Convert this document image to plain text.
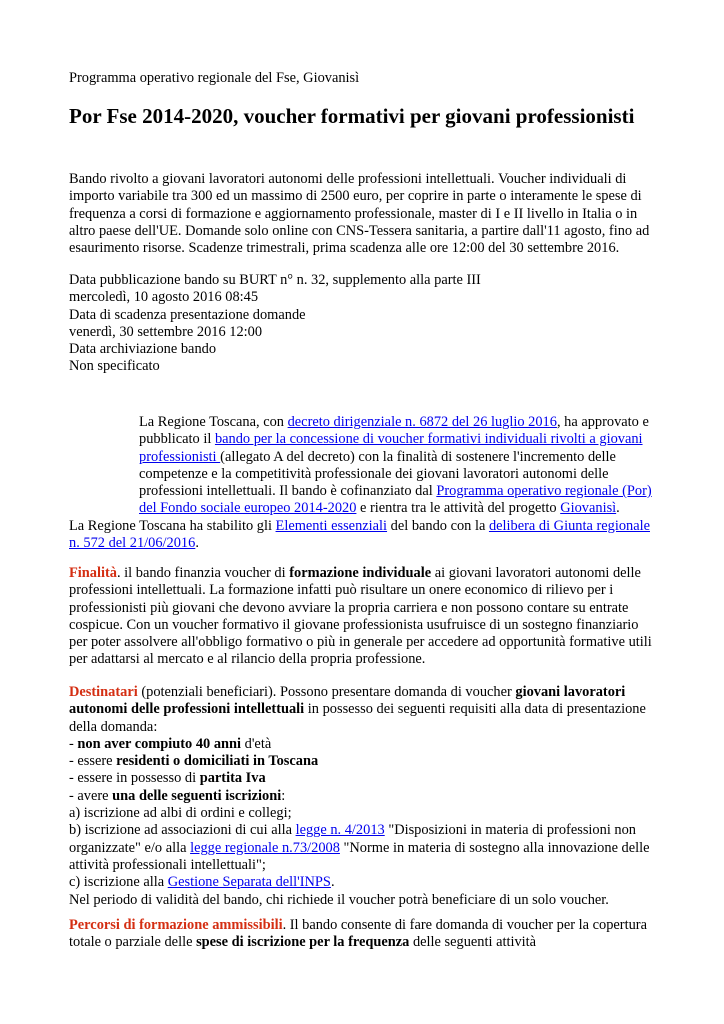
Programma operativo regionale del Fse, Giovanisì

Por Fse 2014-2020, voucher formativi per giovani professionisti

Bando rivolto a giovani lavoratori autonomi delle professioni intellettuali. Voucher individuali di importo variabile tra 300 ed un massimo di 2500 euro, per coprire in parte o interamente le spese di frequenza a corsi di formazione e aggiornamento professionale, master di I e II livello in Italia o in altro paese dell'UE. Domande solo online con CNS-Tessera sanitaria, a partire dall'11 agosto, fino ad esaurimento risorse. Scadenze trimestrali, prima scadenza alle ore 12:00 del 30 settembre 2016.

Data pubblicazione bando su BURT n° n. 32, supplemento alla parte III

mercoledì, 10 agosto 2016 08:45

Data di scadenza presentazione domande

venerdì, 30 settembre 2016 12:00

Data archiviazione bando

Non specificato

La Regione Toscana, con decreto dirigenziale n. 6872 del 26 luglio 2016, ha approvato e pubblicato il bando per la concessione di voucher formativi individuali rivolti a giovani professionisti (allegato A del decreto) con la finalità di sostenere l'incremento delle competenze e la competitività professionale dei giovani lavoratori autonomi delle professioni intellettuali. Il bando è cofinanziato dal Programma operativo regionale (Por) del Fondo sociale europeo 2014-2020 e rientra tra le attività del progetto Giovanisì.

La Regione Toscana ha stabilito gli Elementi essenziali del bando con la delibera di Giunta regionale n. 572 del 21/06/2016.

Finalità. il bando finanzia voucher di formazione individuale ai giovani lavoratori autonomi delle professioni intellettuali. La formazione infatti può risultare un onere economico di rilievo per i professionisti più giovani che devono avviare la propria carriera e non possono contare su entrate cospicue. Con un voucher formativo il giovane professionista usufruisce di un sostegno finanziario per poter assolvere all'obbligo formativo o più in generale per accedere ad opportunità formative utili per adattarsi al mercato e al rilancio della propria professione.

Destinatari (potenziali beneficiari). Possono presentare domanda di voucher giovani lavoratori autonomi delle professioni intellettuali in possesso dei seguenti requisiti alla data di presentazione della domanda:

- non aver compiuto 40 anni d'età

- essere residenti o domiciliati in Toscana

- essere in possesso di partita Iva

- avere una delle seguenti iscrizioni:

a) iscrizione ad albi di ordini e collegi;

b) iscrizione ad associazioni di cui alla legge n. 4/2013 "Disposizioni in materia di professioni non organizzate" e/o alla legge regionale n.73/2008 "Norme in materia di sostegno alla innovazione delle attività professionali intellettuali";

c) iscrizione alla Gestione Separata dell'INPS.

Nel periodo di validità del bando, chi richiede il voucher potrà beneficiare di un solo voucher.

Percorsi di formazione ammissibili. Il bando consente di fare domanda di voucher per la copertura totale o parziale delle spese di iscrizione per la frequenza delle seguenti attività
